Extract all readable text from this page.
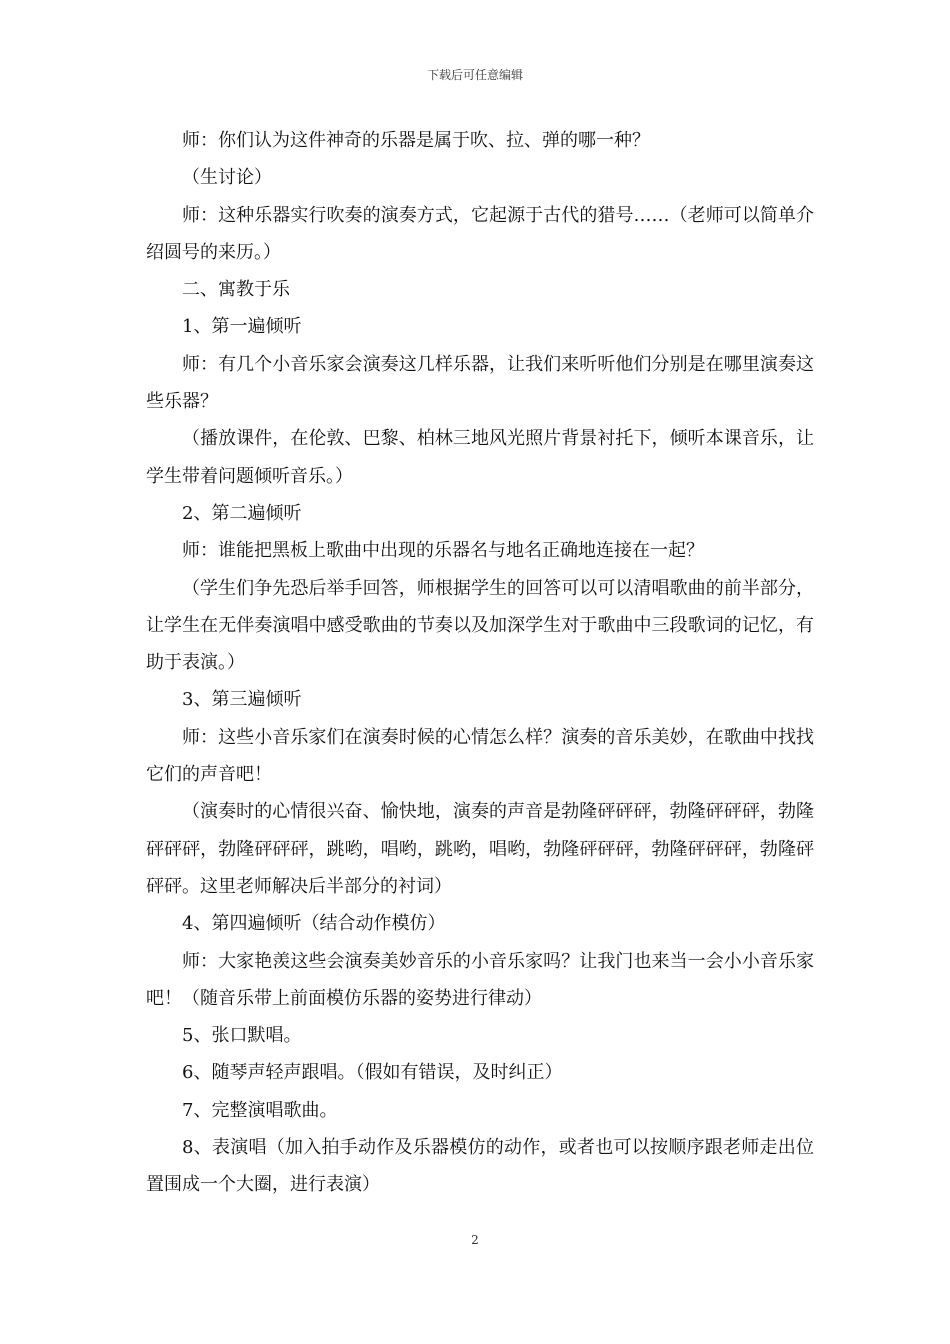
下载后可任意编辑

师：你们认为这件神奇的乐器是属于吹、拉、弹的哪一种？

（生讨论）

师：这种乐器实行吹奏的演奏方式，它起源于古代的猎号……（老师可以简单介绍圆号的来历。）

二、寓教于乐

1、第一遍倾听

师：有几个小音乐家会演奏这几样乐器，让我们来听听他们分别是在哪里演奏这些乐器？

（播放课件，在伦敦、巴黎、柏林三地风光照片背景衬托下，倾听本课音乐，让学生带着问题倾听音乐。）

2、第二遍倾听

师：谁能把黑板上歌曲中出现的乐器名与地名正确地连接在一起？

（学生们争先恐后举手回答，师根据学生的回答可以可以清唱歌曲的前半部分，让学生在无伴奏演唱中感受歌曲的节奏以及加深学生对于歌曲中三段歌词的记忆，有助于表演。）

3、第三遍倾听

师：这些小音乐家们在演奏时候的心情怎么样？演奏的音乐美妙，在歌曲中找找它们的声音吧！

（演奏时的心情很兴奋、愉快地，演奏的声音是勃隆砰砰砰，勃隆砰砰砰，勃隆砰砰砰，勃隆砰砰砰，跳哟，唱哟，跳哟，唱哟，勃隆砰砰砰，勃隆砰砰砰，勃隆砰砰砰。这里老师解决后半部分的衬词）

4、第四遍倾听（结合动作模仿）

师：大家艳羡这些会演奏美妙音乐的小音乐家吗？让我门也来当一会小小音乐家吧！（随音乐带上前面模仿乐器的姿势进行律动）

5、张口默唱。

6、随琴声轻声跟唱。（假如有错误，及时纠正）

7、完整演唱歌曲。

8、表演唱（加入拍手动作及乐器模仿的动作，或者也可以按顺序跟老师走出位置围成一个大圈，进行表演）

2
